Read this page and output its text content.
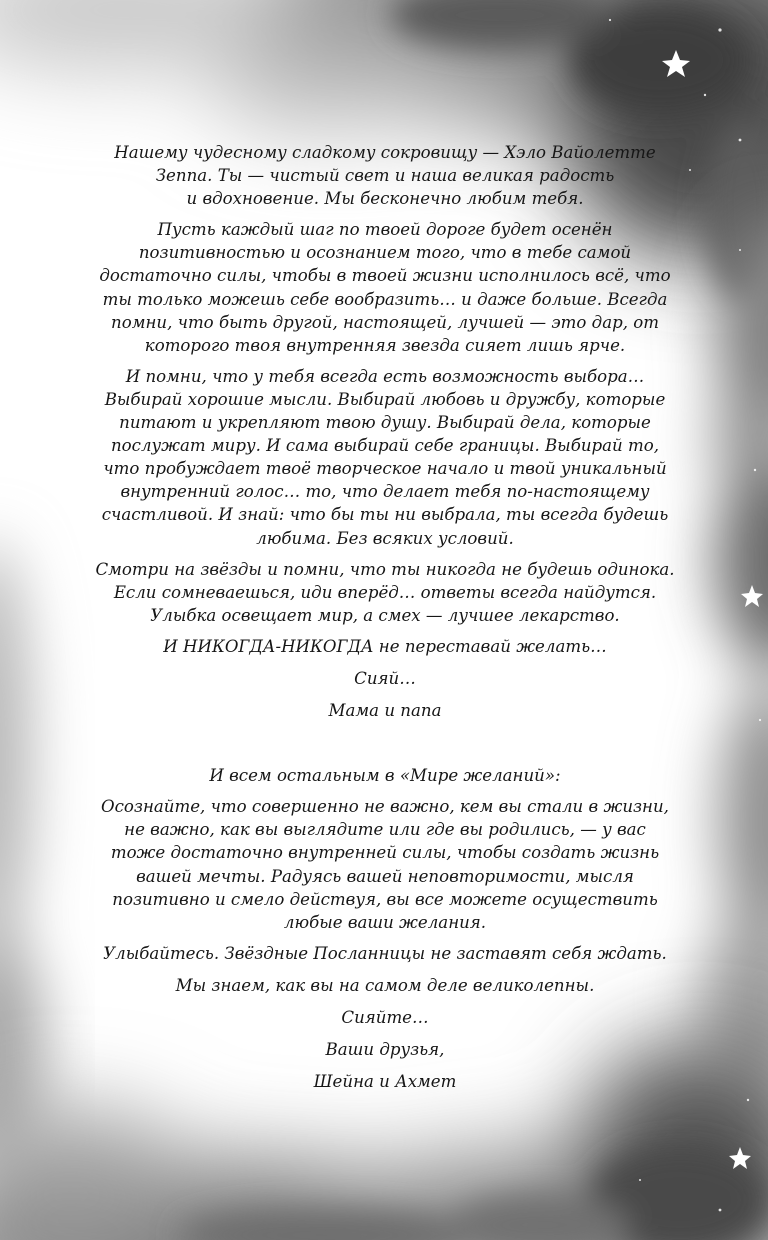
Нашему чудесному сладкому сокровищу — Хэло Вайолетте
Зеппа. Ты — чистый свет и наша великая радость
и вдохновение. Мы бесконечно любим тебя.

Пусть каждый шаг по твоей дороге будет осенён
позитивностью и осознанием того, что в тебе самой
достаточно силы, чтобы в твоей жизни исполнилось всё, что
ты только можешь себе вообразить… и даже больше. Всегда
помни, что быть другой, настоящей, лучшей — это дар, от
которого твоя внутренняя звезда сияет лишь ярче.

И помни, что у тебя всегда есть возможность выбора…
Выбирай хорошие мысли. Выбирай любовь и дружбу, которые
питают и укрепляют твою душу. Выбирай дела, которые
послужат миру. И сама выбирай себе границы. Выбирай то,
что пробуждает твоё творческое начало и твой уникальный
внутренний голос… то, что делает тебя по-настоящему
счастливой. И знай: что бы ты ни выбрала, ты всегда будешь
любима. Без всяких условий.

Смотри на звёзды и помни, что ты никогда не будешь одинока.
Если сомневаешься, иди вперёд… ответы всегда найдутся.
Улыбка освещает мир, а смех — лучшее лекарство.

И НИКОГДА-НИКОГДА не переставай желать…

Сияй…

Мама и папа

И всем остальным в «Мире желаний»:

Осознайте, что совершенно не важно, кем вы стали в жизни,
не важно, как вы выглядите или где вы родились, — у вас
тоже достаточно внутренней силы, чтобы создать жизнь
вашей мечты. Радуясь вашей неповторимости, мысля
позитивно и смело действуя, вы все можете осуществить
любые ваши желания.

Улыбайтесь. Звёздные Посланницы не заставят себя ждать.

Мы знаем, как вы на самом деле великолепны.

Сияйте…

Ваши друзья,

Шейна и Ахмет
